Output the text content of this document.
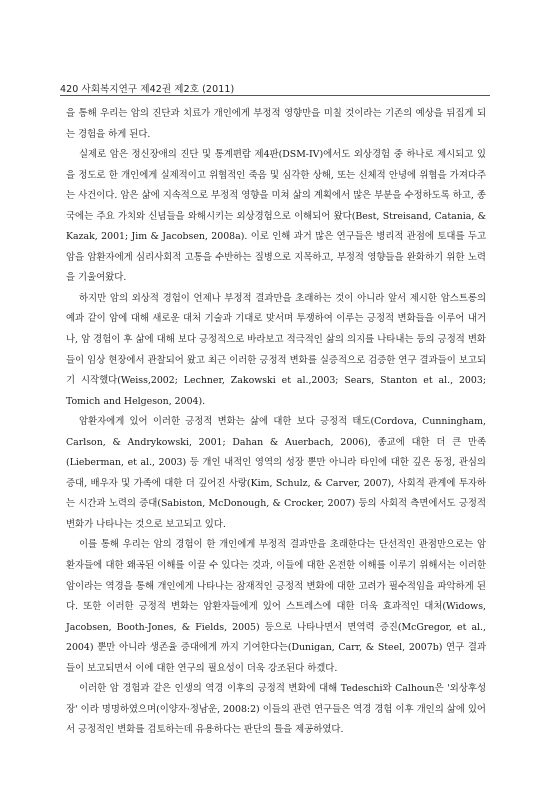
420 사회복지연구 제42권 제2호 (2011)

을 통해 우리는 암의 진단과 치료가 개인에게 부정적 영향만을 미칠 것이라는 기존의 예상을 뒤집게 되는 경험을 하게 된다.

실제로 암은 정신장애의 진단 및 통계편람 제4판(DSM-IV)에서도 외상경험 중 하나로 제시되고 있을 정도로 한 개인에게 실제적이고 위협적인 죽음 및 심각한 상해, 또는 신체적 안녕에 위협을 가져다주는 사건이다. 암은 삶에 지속적으로 부정적 영향을 미쳐 삶의 계획에서 많은 부분을 수정하도록 하고, 종국에는 주요 가치와 신념들을 와해시키는 외상경험으로 이해되어 왔다(Best, Streisand, Catania, & Kazak, 2001; Jim & Jacobsen, 2008a). 이로 인해 과거 많은 연구들은 병리적 관점에 토대를 두고 암을 암환자에게 심리사회적 고통을 수반하는 질병으로 지목하고, 부정적 영향들을 완화하기 위한 노력을 기울여왔다.

하지만 암의 외상적 경험이 언제나 부정적 결과만을 초래하는 것이 아니라 앞서 제시한 암스트롱의 예과 같이 암에 대해 새로운 대처 기술과 기대로 맞서며 투쟁하여 이루는 긍정적 변화들을 이루어 내거나, 암 경험이 후 삶에 대해 보다 긍정적으로 바라보고 적극적인 삶의 의지를 나타내는 등의 긍정적 변화들이 임상 현장에서 관찰되어 왔고 최근 이러한 긍정적 변화를 실증적으로 검증한 연구 결과들이 보고되기 시작했다(Weiss,2002; Lechner, Zakowski et al.,2003; Sears, Stanton et al., 2003; Tomich and Helgeson, 2004).

암환자에게 있어 이러한 긍정적 변화는 삶에 대한 보다 긍정적 태도(Cordova, Cunningham, Carlson, & Andrykowski, 2001; Dahan & Auerbach, 2006), 종교에 대한 더 큰 만족(Lieberman, et al., 2003) 등 개인 내적인 영역의 성장 뿐만 아니라 타인에 대한 깊은 동정, 관심의 증대, 배우자 및 가족에 대한 더 깊어진 사랑(Kim, Schulz, & Carver, 2007), 사회적 관계에 투자하는 시간과 노력의 증대(Sabiston, McDonough, & Crocker, 2007) 등의 사회적 측면에서도 긍정적 변화가 나타나는 것으로 보고되고 있다.

이를 통해 우리는 암의 경험이 한 개인에게 부정적 결과만을 초래한다는 단선적인 관점만으로는 암환자들에 대한 왜곡된 이해를 이끌 수 있다는 것과, 이들에 대한 온전한 이해를 이루기 위해서는 이러한 암이라는 역경을 통해 개인에게 나타나는 잠재적인 긍정적 변화에 대한 고려가 필수적임을 파악하게 된다. 또한 이러한 긍정적 변화는 암환자들에게 있어 스트레스에 대한 더욱 효과적인 대처(Widows, Jacobsen, Booth-Jones, & Fields, 2005) 등으로 나타나면서 면역력 증진(McGregor, et al., 2004) 뿐만 아니라 생존율 증대에게 까지 기여한다는(Dunigan, Carr, & Steel, 2007b) 연구 결과들이 보고되면서 이에 대한 연구의 필요성이 더욱 강조된다 하겠다.

이러한 암 경험과 같은 인생의 역경 이후의 긍정적 변화에 대해 Tedeschi와 Calhoun은 '외상후성장' 이라 명명하였으며(이양자·정남운, 2008:2) 이들의 관련 연구들은 역경 경험 이후 개인의 삶에 있어서 긍정적인 변화를 검토하는데 유용하다는 판단의 틀을 제공하였다.
